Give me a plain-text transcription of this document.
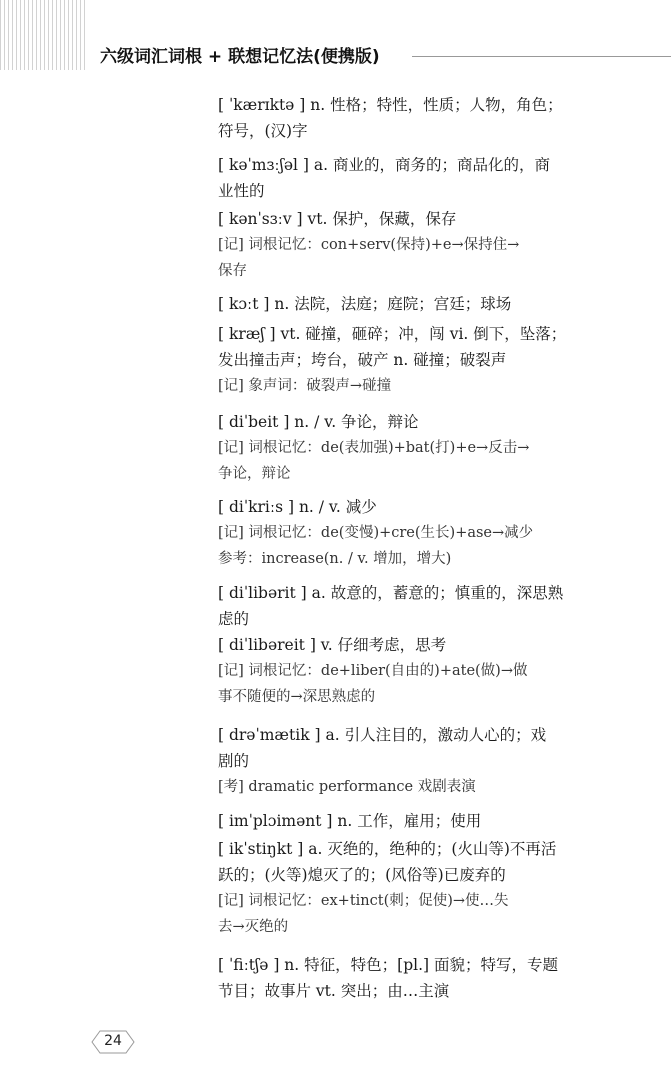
六级词汇词根 + 联想记忆法(便携版)
[ ˈkærɪktə ] n. 性格；特性，性质；人物，角色；
符号，(汉)字
[ kəˈmɜːʃəl ] a. 商业的，商务的；商品化的，商
业性的
[ kənˈsɜːv ] vt. 保护，保藏，保存
[记] 词根记忆：con+serv(保持)+e→保持住→
保存
[ kɔːt ] n. 法院，法庭；庭院；宫廷；球场
[ kræʃ ] vt. 碰撞，砸碎；冲，闯 vi. 倒下，坠落；
发出撞击声；垮台，破产 n. 碰撞；破裂声
[记] 象声词：破裂声→碰撞
[ diˈbeit ] n. / v. 争论，辩论
[记] 词根记忆：de(表加强)+bat(打)+e→反击→
争论，辩论
[ diˈkriːs ] n. / v. 减少
[记] 词根记忆：de(变慢)+cre(生长)+ase→减少
参考：increase(n. / v. 增加，增大)
[ diˈlibərit ] a. 故意的，蓄意的；慎重的，深思熟
虑的
[ diˈlibəreit ] v. 仔细考虑，思考
[记] 词根记忆：de+liber(自由的)+ate(做)→做
事不随便的→深思熟虑的
[ drəˈmætik ] a. 引人注目的，激动人心的；戏
剧的
[考] dramatic performance 戏剧表演
[ imˈplɔimənt ] n. 工作，雇用；使用
[ ikˈstiŋkt ] a. 灭绝的，绝种的；(火山等)不再活
跃的；(火等)熄灭了的；(风俗等)已废弃的
[记] 词根记忆：ex+tinct(刺；促使)→使…失
去→灭绝的
[ ˈfiːtʃə ] n. 特征，特色；[pl.] 面貌；特写，专题
节目；故事片 vt. 突出；由…主演
24
